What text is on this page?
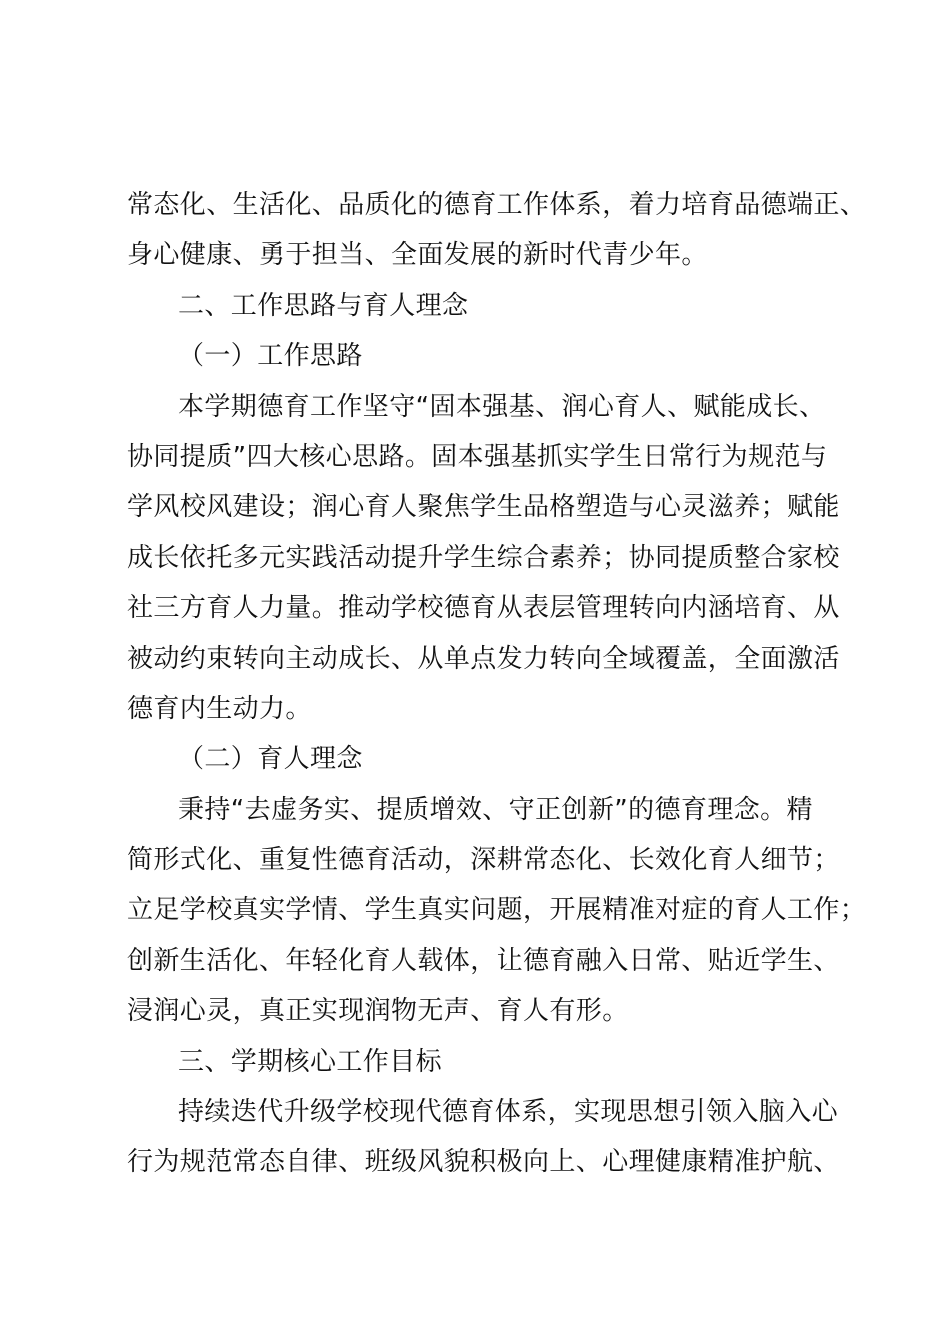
常态化、生活化、品质化的德育工作体系，着力培育品德端正、
身心健康、勇于担当、全面发展的新时代青少年。
二、工作思路与育人理念
（一）工作思路
本学期德育工作坚守“固本强基、润心育人、赋能成长、
协同提质”四大核心思路。固本强基抓实学生日常行为规范与
学风校风建设；润心育人聚焦学生品格塑造与心灵滋养；赋能
成长依托多元实践活动提升学生综合素养；协同提质整合家校
社三方育人力量。推动学校德育从表层管理转向内涵培育、从
被动约束转向主动成长、从单点发力转向全域覆盖，全面激活
德育内生动力。
（二）育人理念
秉持“去虚务实、提质增效、守正创新”的德育理念。精
简形式化、重复性德育活动，深耕常态化、长效化育人细节；
立足学校真实学情、学生真实问题，开展精准对症的育人工作；
创新生活化、年轻化育人载体，让德育融入日常、贴近学生、
浸润心灵，真正实现润物无声、育人有形。
三、学期核心工作目标
持续迭代升级学校现代德育体系，实现思想引领入脑入心
行为规范常态自律、班级风貌积极向上、心理健康精准护航、
